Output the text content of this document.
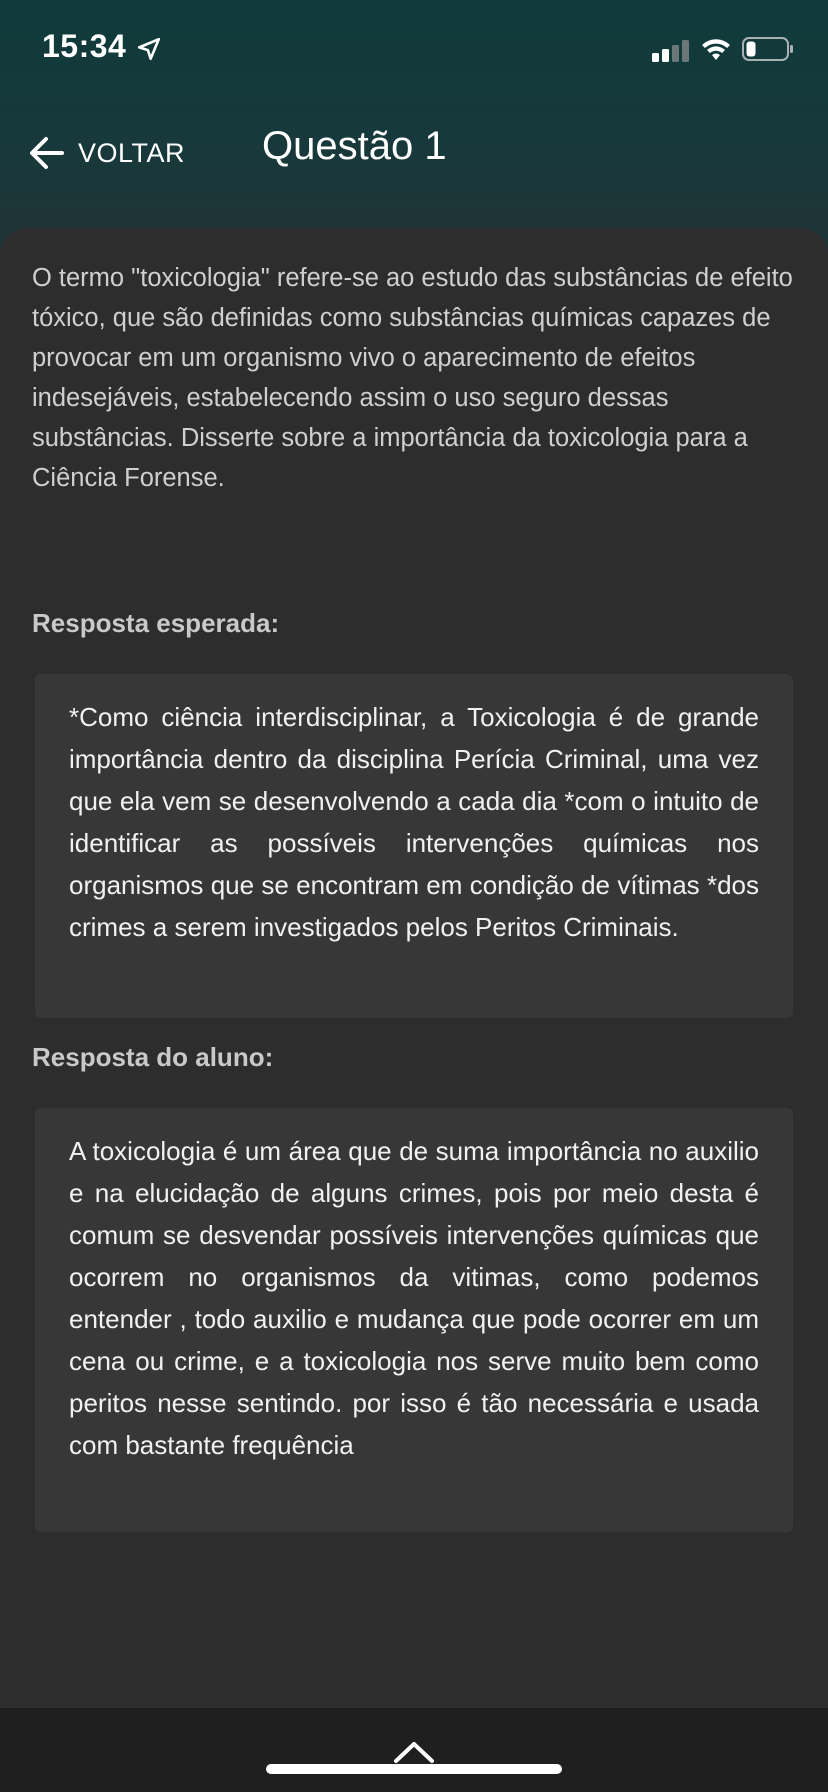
15:34
VOLTAR Questão 1
O termo "toxicologia" refere-se ao estudo das substâncias de efeito tóxico, que são definidas como substâncias químicas capazes de provocar em um organismo vivo o aparecimento de efeitos indesejáveis, estabelecendo assim o uso seguro dessas substâncias. Disserte sobre a importância da toxicologia para a Ciência Forense.
Resposta esperada:
*Como ciência interdisciplinar, a Toxicologia é de grande importância dentro da disciplina Perícia Criminal, uma vez que ela vem se desenvolvendo a cada dia *com o intuito de identificar as possíveis intervenções químicas nos organismos que se encontram em condição de vítimas *dos crimes a serem investigados pelos Peritos Criminais.
Resposta do aluno:
A toxicologia é um área que de suma importância no auxilio e na elucidação de alguns crimes, pois por meio desta é comum se desvendar possíveis intervenções químicas que ocorrem no organismos da vitimas, como podemos entender , todo auxilio e mudança que pode ocorrer em um cena ou crime, e a toxicologia nos serve muito bem como peritos nesse sentindo. por isso é tão necessária e usada com bastante frequência
